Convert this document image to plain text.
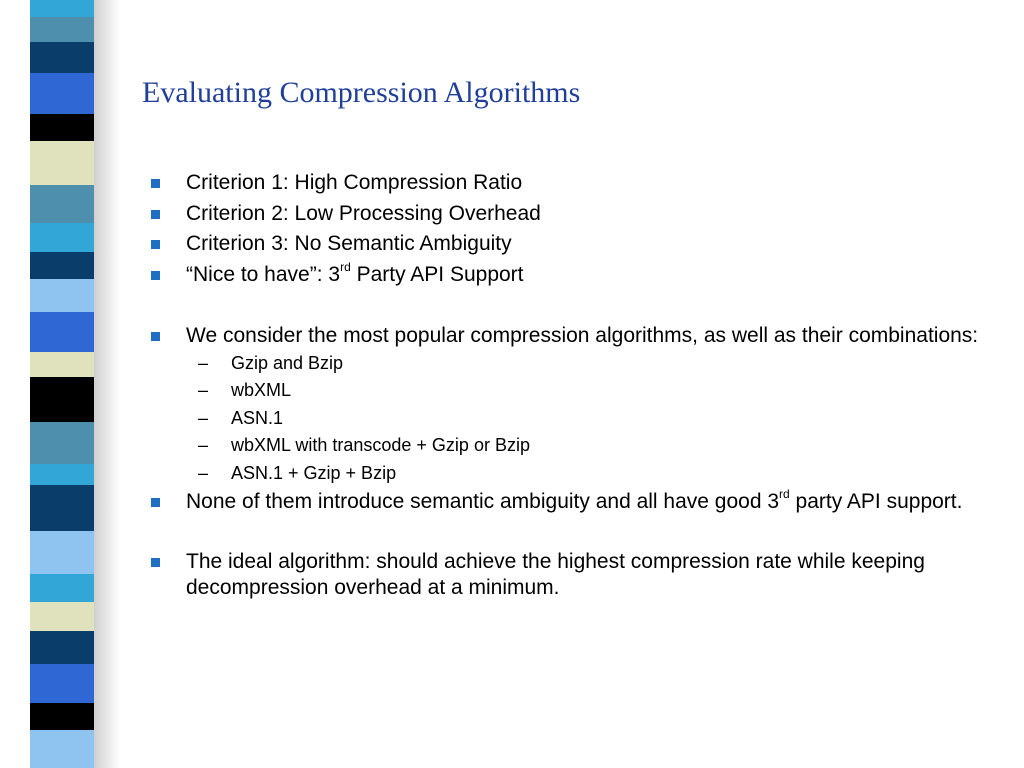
Evaluating Compression Algorithms
Criterion 1: High Compression Ratio
Criterion 2: Low Processing Overhead
Criterion 3: No Semantic Ambiguity
“Nice to have”: 3rd Party API Support
We consider the most popular compression algorithms, as well as their combinations:
– Gzip and Bzip
– wbXML
– ASN.1
– wbXML with transcode + Gzip or Bzip
– ASN.1 + Gzip + Bzip
None of them introduce semantic ambiguity and all have good 3rd party API support.
The ideal algorithm: should achieve the highest compression rate while keeping decompression overhead at a minimum.
